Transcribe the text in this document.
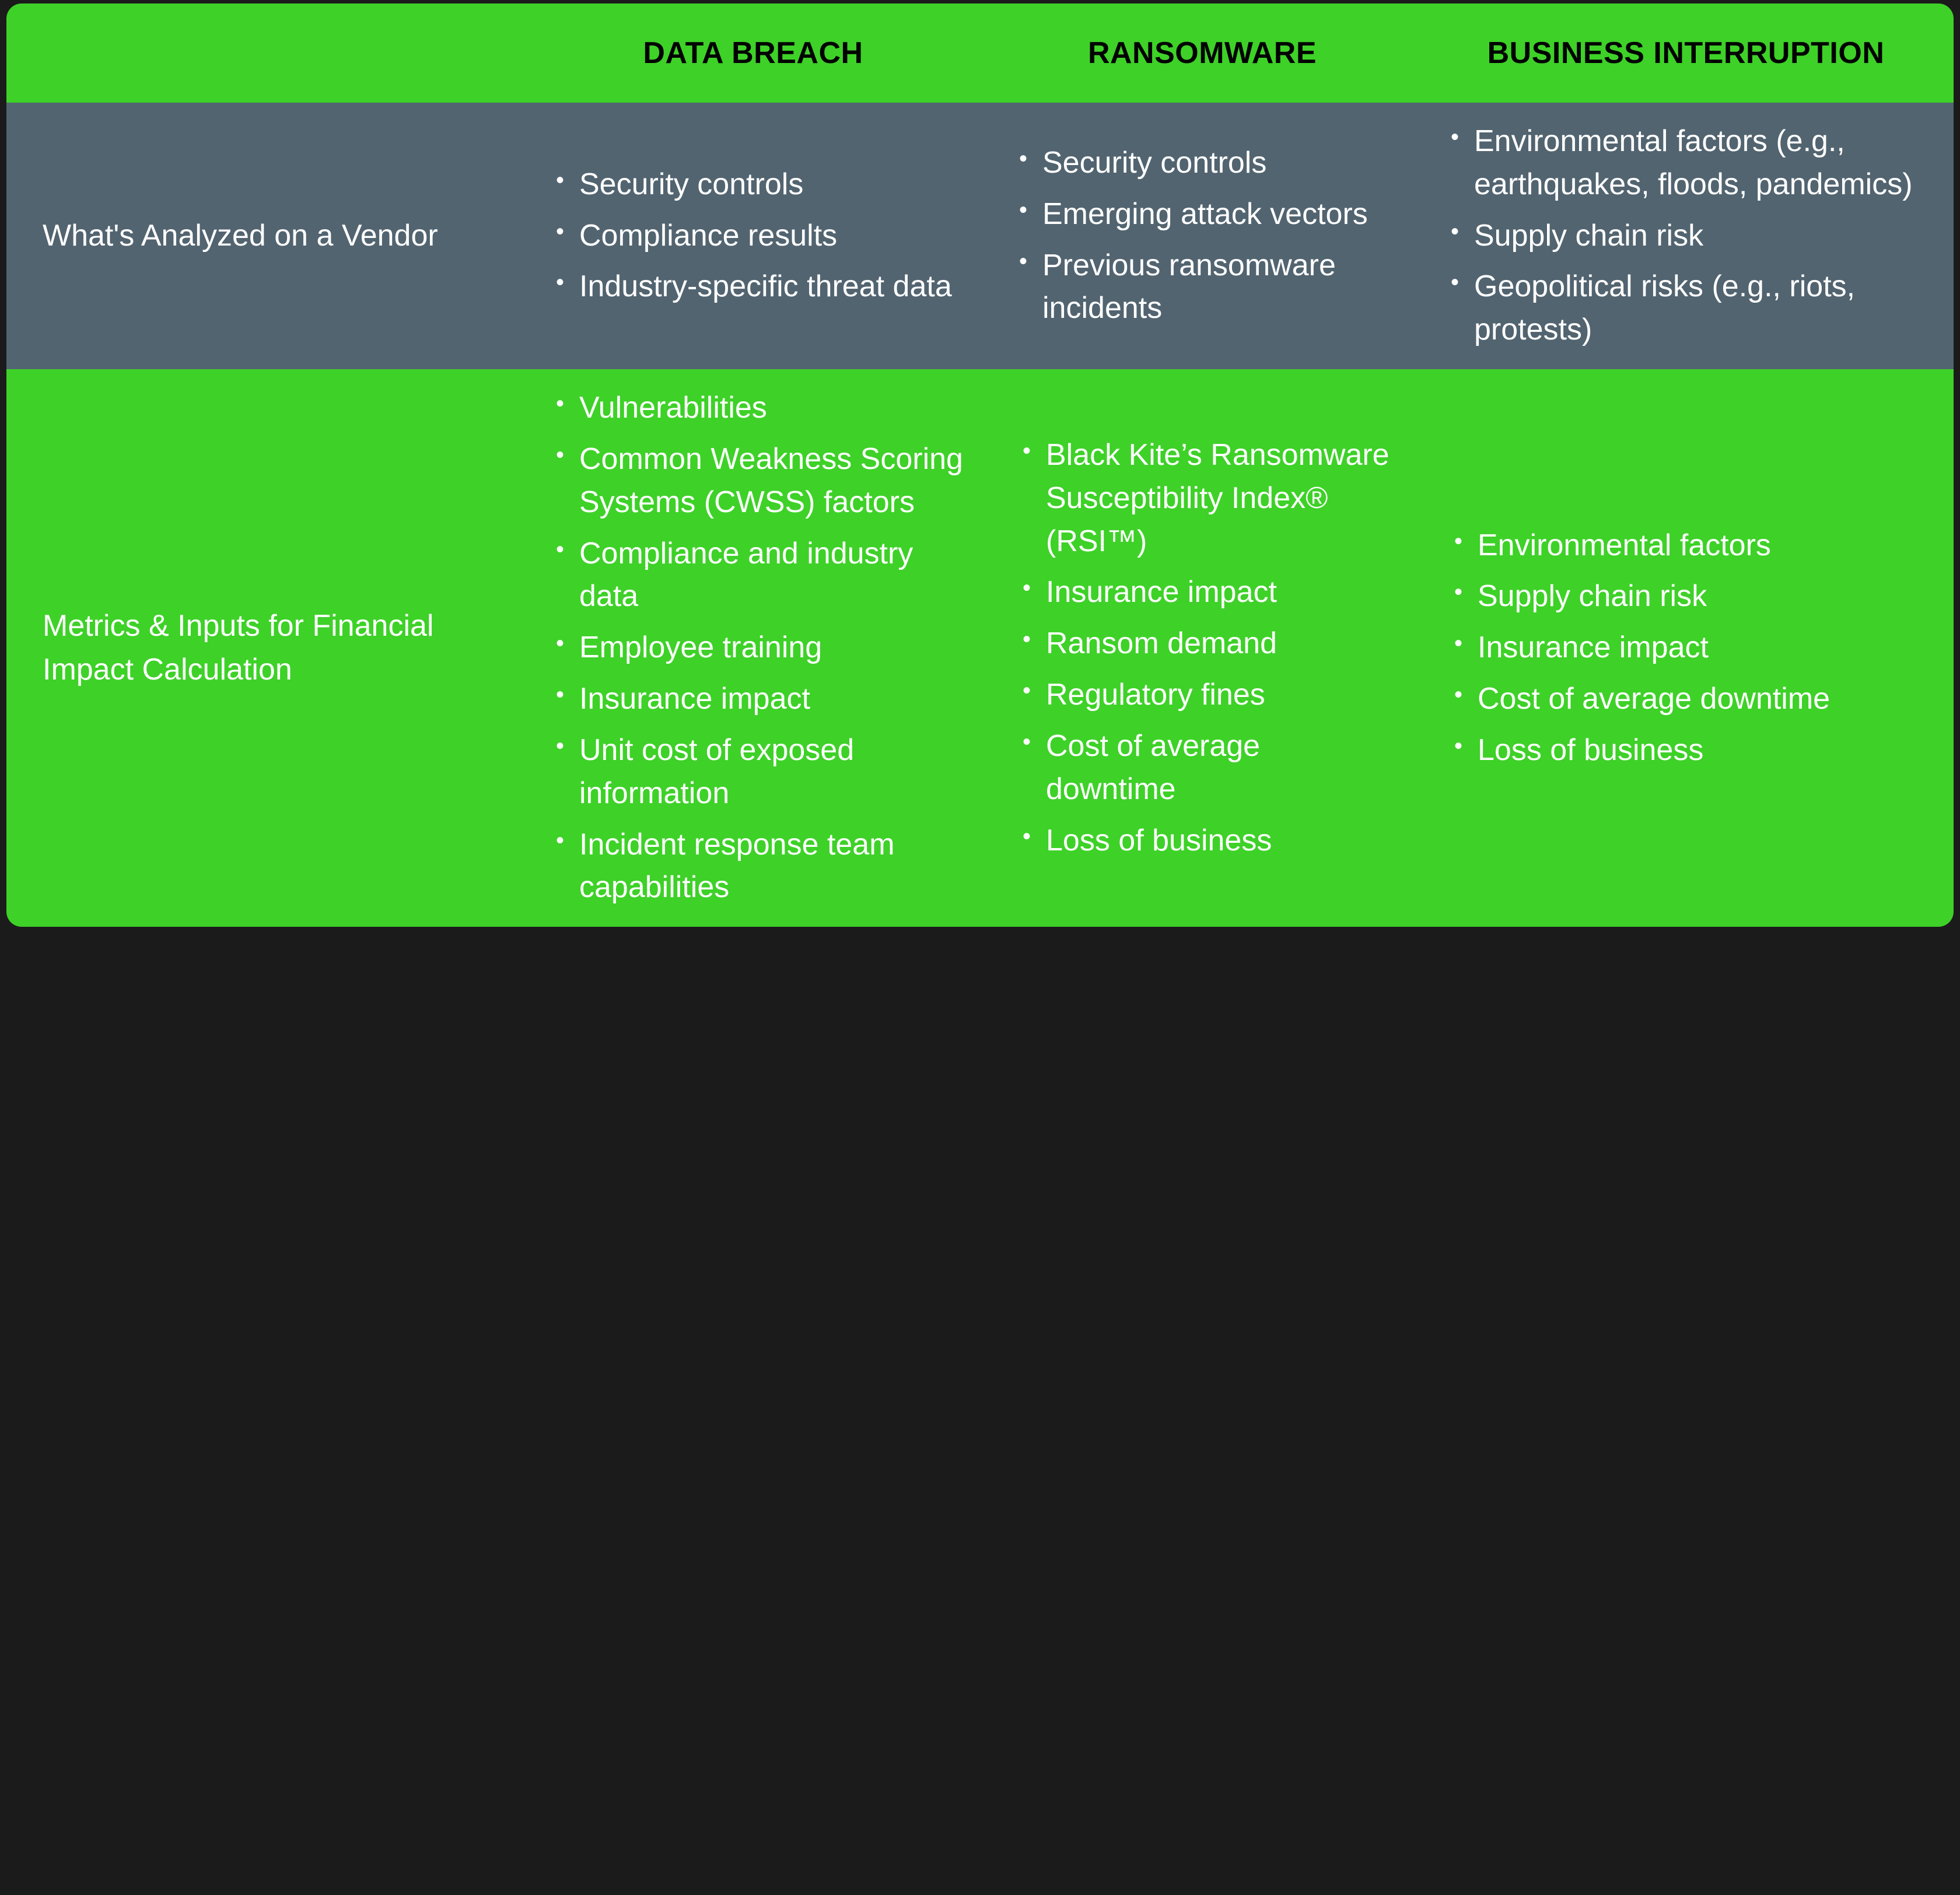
	DATA BREACH	RANSOMWARE	BUSINESS INTERRUPTION
What's Analyzed on a Vendor	
• Security controls
• Compliance results
• Industry-specific threat data

• Security controls
• Emerging attack vectors
• Previous ransomware incidents

• Environmental factors (e.g., earthquakes, floods, pandemics)
• Supply chain risk
• Geopolitical risks (e.g., riots, protests)

Metrics & Inputs for Financial Impact Calculation	
• Vulnerabilities
• Common Weakness Scoring Systems (CWSS) factors
• Compliance and industry data
• Employee training
• Insurance impact
• Unit cost of exposed information
• Incident response team capabilities

• Black Kite’s Ransomware Susceptibility Index® (RSI™)
• Insurance impact
• Ransom demand
• Regulatory fines
• Cost of average downtime
• Loss of business

• Environmental factors
• Supply chain risk
• Insurance impact
• Cost of average downtime
• Loss of business
